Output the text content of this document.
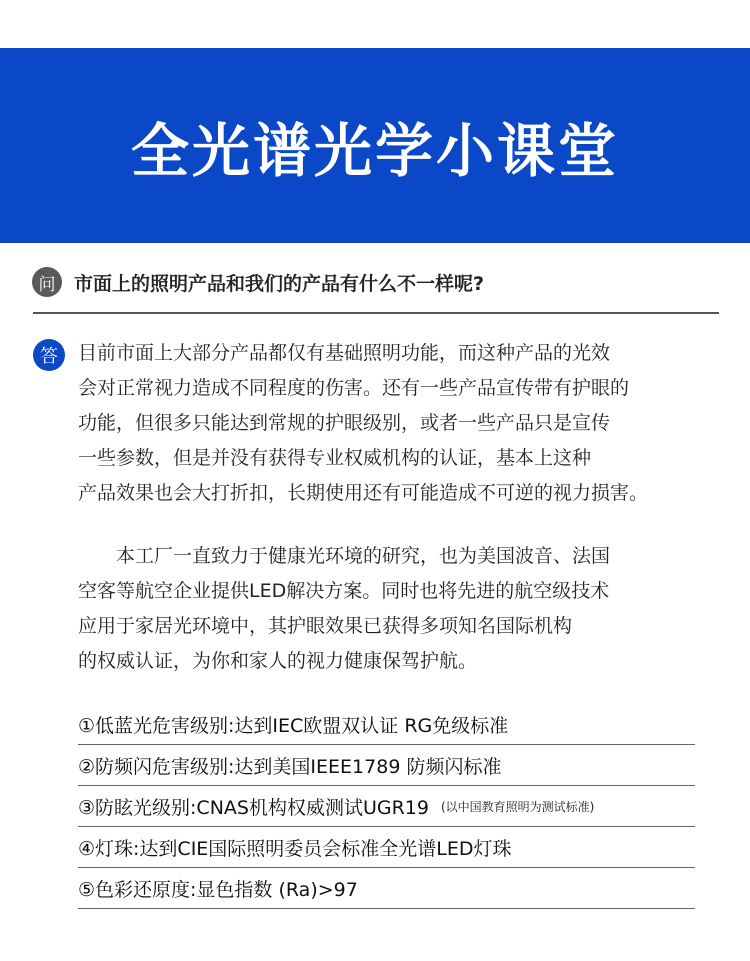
全光谱光学小课堂
问 市面上的照明产品和我们的产品有什么不一样呢?
答	目前市面上大部分产品都仅有基础照明功能，而这种产品的光效
会对正常视力造成不同程度的伤害。还有一些产品宣传带有护眼的
功能，但很多只能达到常规的护眼级别，或者一些产品只是宣传
一些参数，但是并没有获得专业权威机构的认证，基本上这种
产品效果也会大打折扣，长期使用还有可能造成不可逆的视力损害。
　　本工厂一直致力于健康光环境的研究，也为美国波音、法国
空客等航空企业提供LED解决方案。同时也将先进的航空级技术
应用于家居光环境中，其护眼效果已获得多项知名国际机构
的权威认证，为你和家人的视力健康保驾护航。
①低蓝光危害级别:达到IEC欧盟双认证 RG免级标准
②防频闪危害级别:达到美国IEEE1789 防频闪标准
③防眩光级别:CNAS机构权威测试UGR19 (以中国教育照明为测试标准)
④灯珠:达到CIE国际照明委员会标准全光谱LED灯珠
⑤色彩还原度:显色指数 (Ra)>97
